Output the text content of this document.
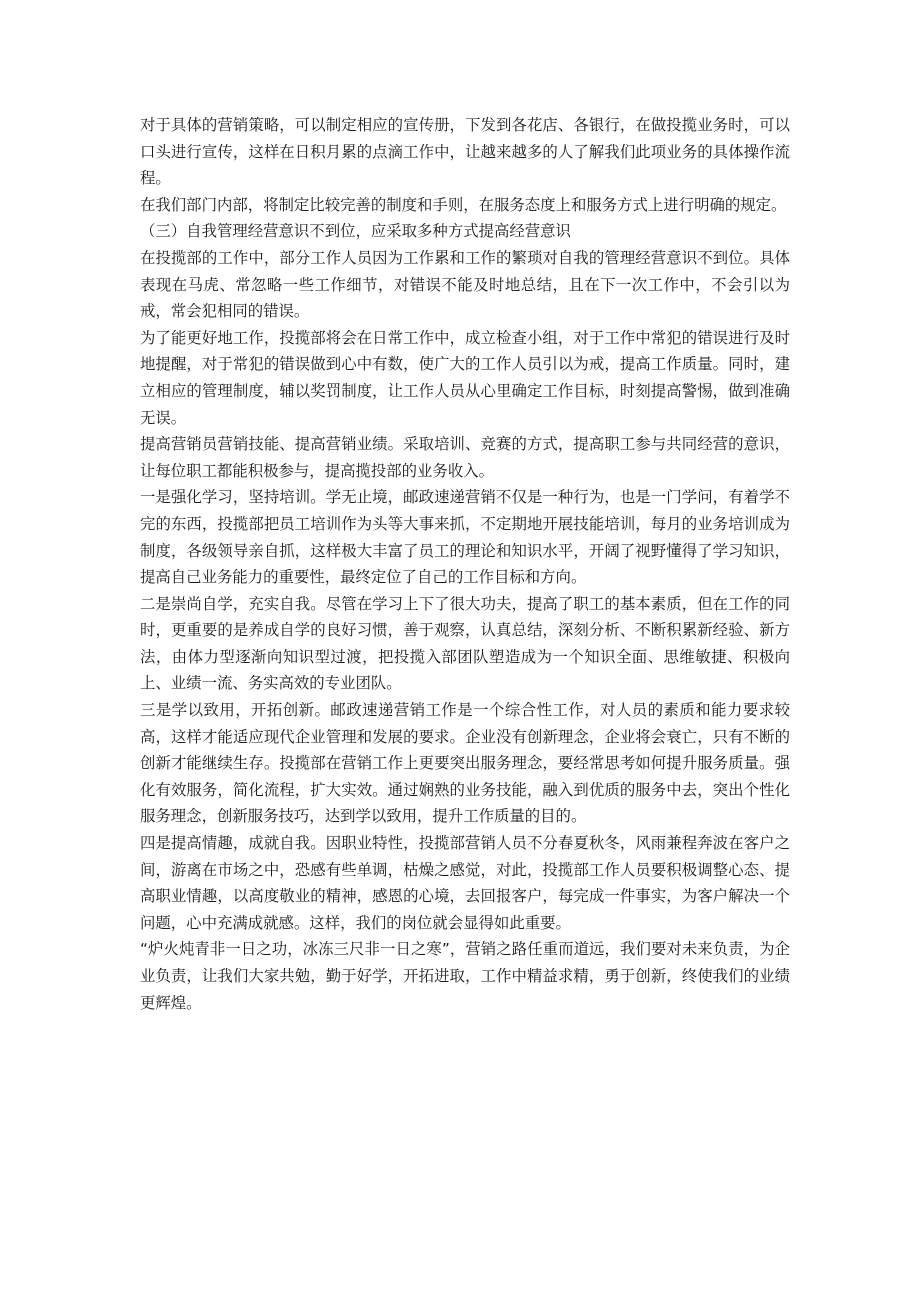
对于具体的营销策略，可以制定相应的宣传册，下发到各花店、各银行，在做投揽业务时，可以口头进行宣传，这样在日积月累的点滴工作中，让越来越多的人了解我们此项业务的具体操作流程。

在我们部门内部，将制定比较完善的制度和手则，在服务态度上和服务方式上进行明确的规定。

（三）自我管理经营意识不到位，应采取多种方式提高经营意识

在投揽部的工作中，部分工作人员因为工作累和工作的繁琐对自我的管理经营意识不到位。具体表现在马虎、常忽略一些工作细节，对错误不能及时地总结，且在下一次工作中，不会引以为戒，常会犯相同的错误。

为了能更好地工作，投揽部将会在日常工作中，成立检查小组，对于工作中常犯的错误进行及时地提醒，对于常犯的错误做到心中有数，使广大的工作人员引以为戒，提高工作质量。同时，建立相应的管理制度，辅以奖罚制度，让工作人员从心里确定工作目标，时刻提高警惕，做到准确无误。

提高营销员营销技能、提高营销业绩。采取培训、竞赛的方式，提高职工参与共同经营的意识，让每位职工都能积极参与，提高揽投部的业务收入。

一是强化学习，坚持培训。学无止境，邮政速递营销不仅是一种行为，也是一门学问，有着学不完的东西，投揽部把员工培训作为头等大事来抓，不定期地开展技能培训，每月的业务培训成为制度，各级领导亲自抓，这样极大丰富了员工的理论和知识水平，开阔了视野懂得了学习知识，提高自己业务能力的重要性，最终定位了自己的工作目标和方向。

二是崇尚自学，充实自我。尽管在学习上下了很大功夫，提高了职工的基本素质，但在工作的同时，更重要的是养成自学的良好习惯，善于观察，认真总结，深刻分析、不断积累新经验、新方法，由体力型逐渐向知识型过渡，把投揽入部团队塑造成为一个知识全面、思维敏捷、积极向上、业绩一流、务实高效的专业团队。

三是学以致用，开拓创新。邮政速递营销工作是一个综合性工作，对人员的素质和能力要求较高，这样才能适应现代企业管理和发展的要求。企业没有创新理念，企业将会衰亡，只有不断的创新才能继续生存。投揽部在营销工作上更要突出服务理念，要经常思考如何提升服务质量。强化有效服务，简化流程，扩大实效。通过娴熟的业务技能，融入到优质的服务中去，突出个性化服务理念，创新服务技巧，达到学以致用，提升工作质量的目的。

四是提高情趣，成就自我。因职业特性，投揽部营销人员不分春夏秋冬，风雨兼程奔波在客户之间，游离在市场之中，恐感有些单调，枯燥之感觉，对此，投揽部工作人员要积极调整心态、提高职业情趣，以高度敬业的精神，感恩的心境，去回报客户，每完成一件事实，为客户解决一个问题，心中充满成就感。这样，我们的岗位就会显得如此重要。

“炉火炖青非一日之功，冰冻三尺非一日之寒”，营销之路任重而道远，我们要对未来负责，为企业负责，让我们大家共勉，勤于好学，开拓进取，工作中精益求精，勇于创新，终使我们的业绩更辉煌。
